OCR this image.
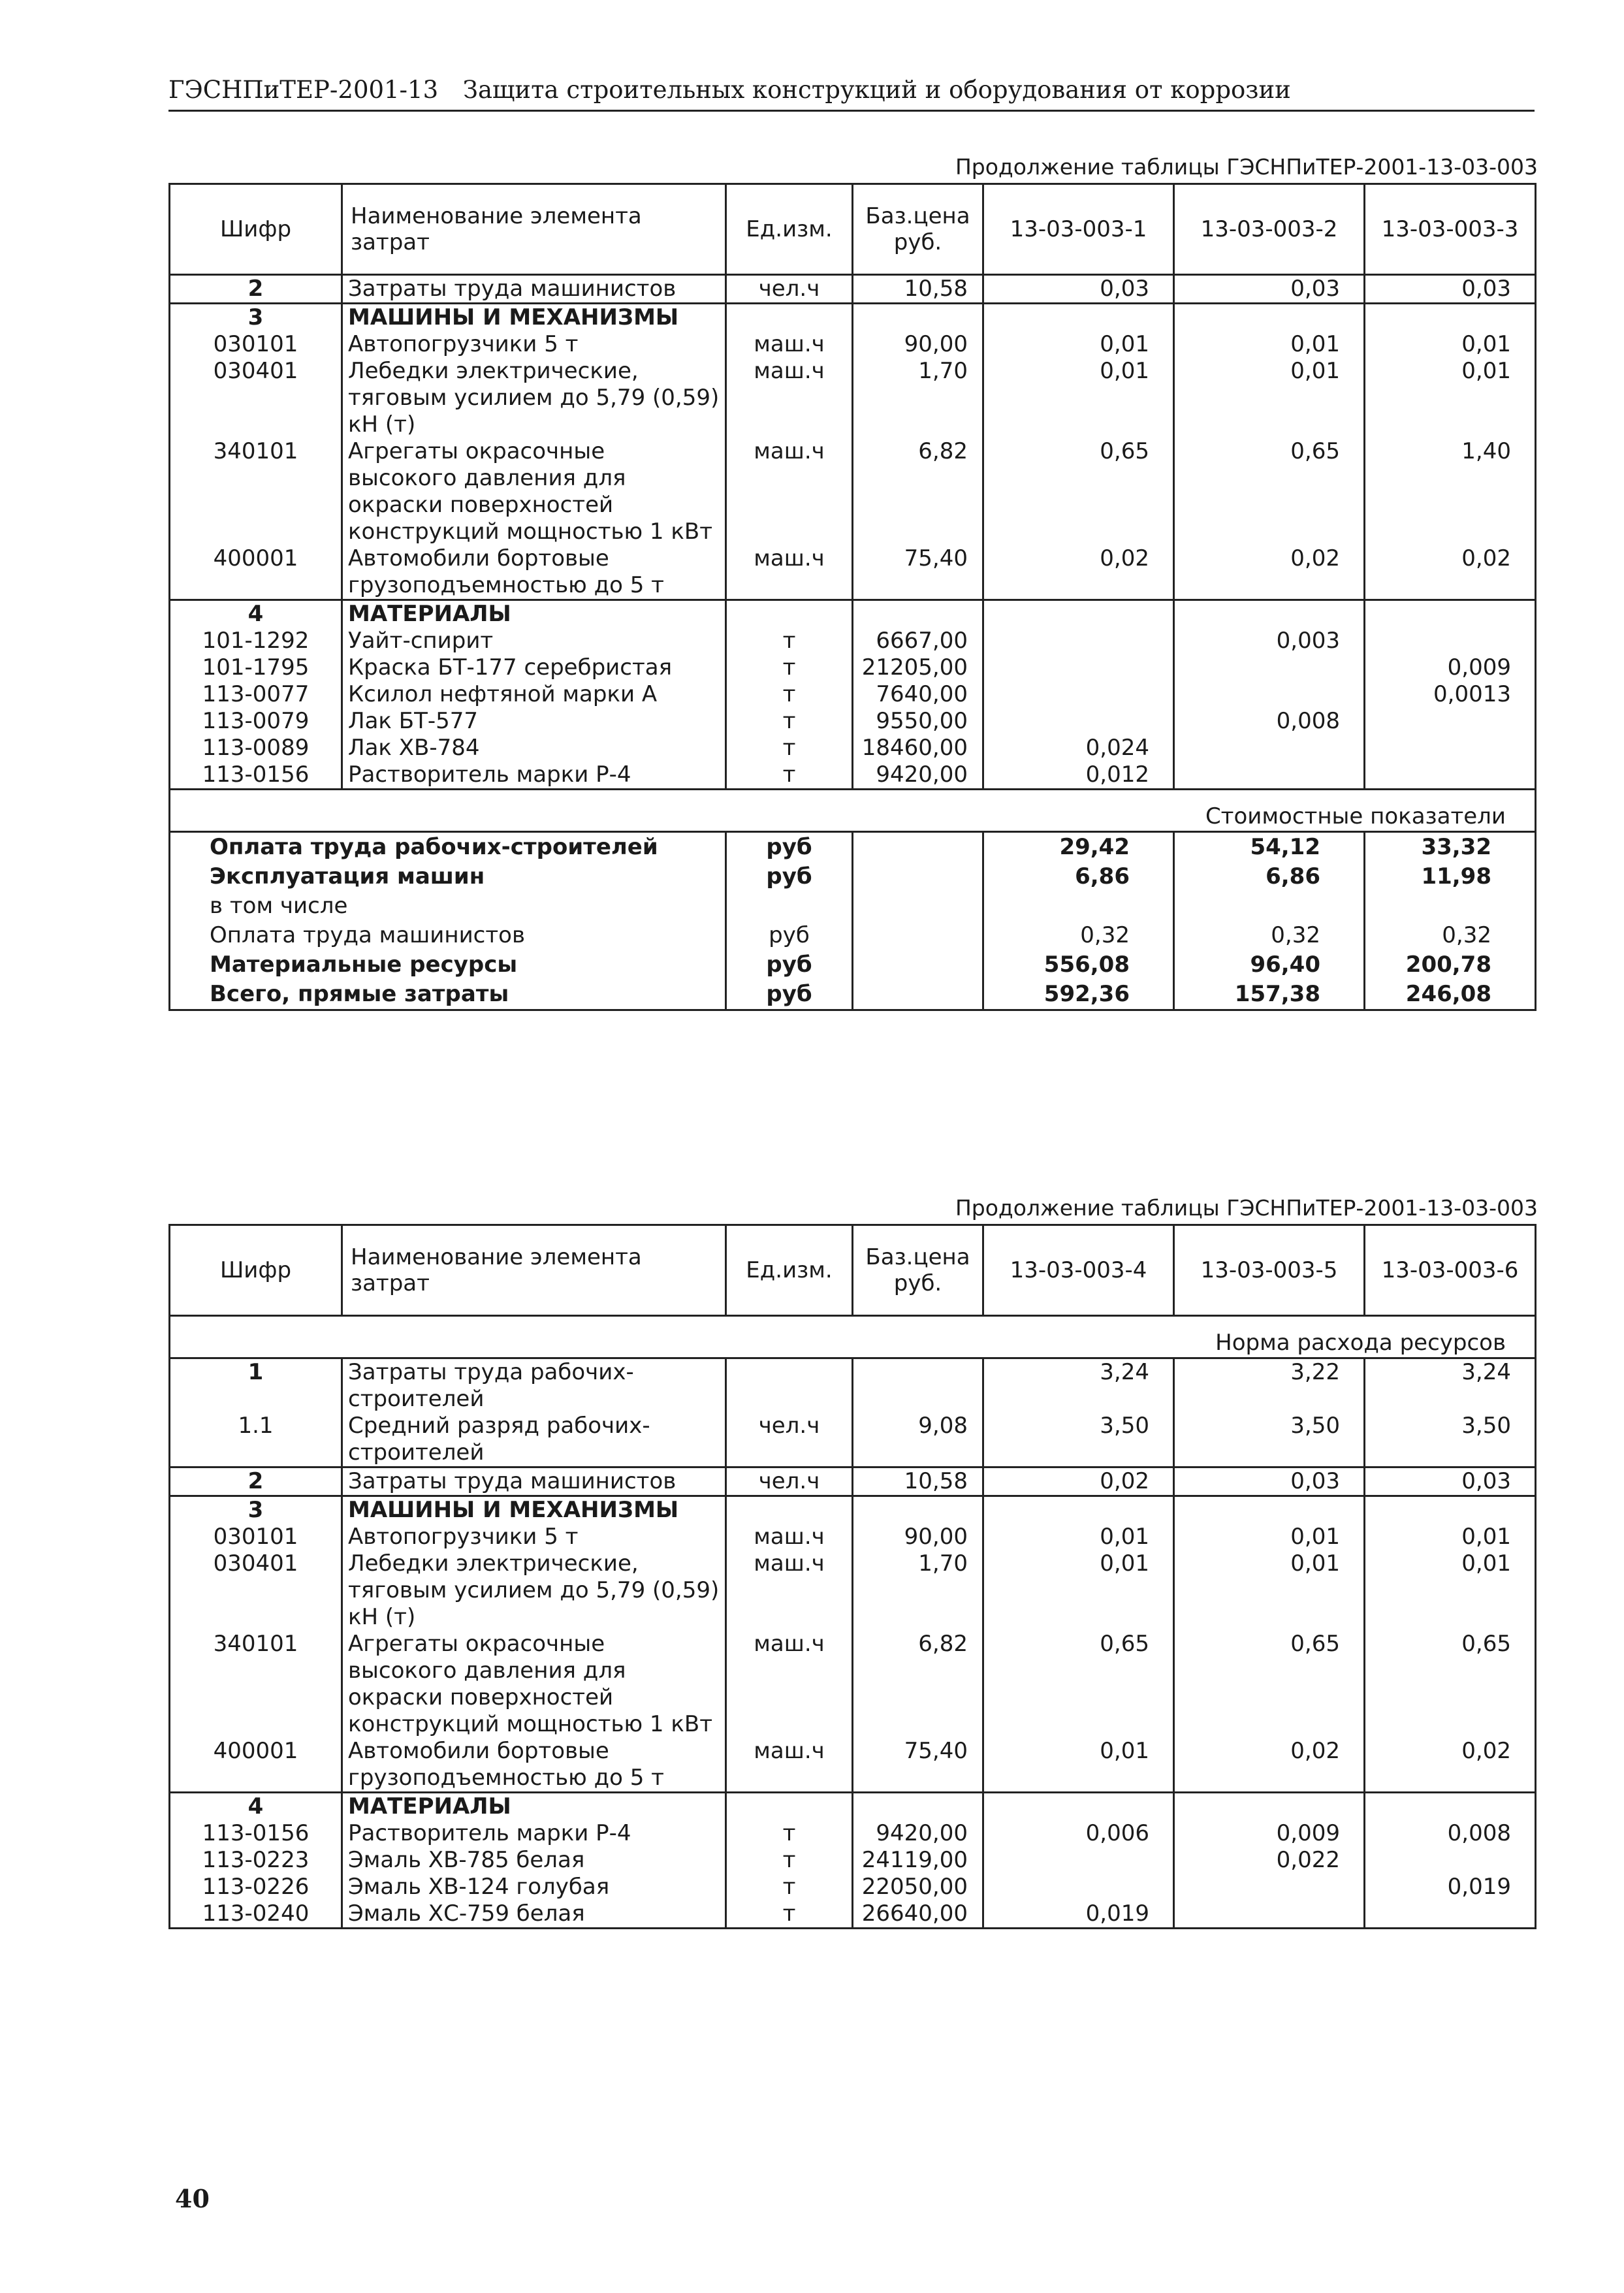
ГЭСНПиТЕР-2001-13 Защита строительных конструкций и оборудования от коррозии
Продолжение таблицы ГЭСНПиТЕР-2001-13-03-003
Шифр	Наименование элемента затрат	Ед.изм.	Баз.цена руб.	13-03-003-1	13-03-003-2	13-03-003-3
2	Затраты труда машинистов	чел.ч	10,58	0,03	0,03	0,03
3	МАШИНЫ И МЕХАНИЗМЫ					
030101	Автопогрузчики 5 т	маш.ч	90,00	0,01	0,01	0,01
030401	Лебедки электрические, тяговым усилием до 5,79 (0,59) кН (т)	маш.ч	1,70	0,01	0,01	0,01
340101	Агрегаты окрасочные высокого давления для окраски поверхностей конструкций мощностью 1 кВт	маш.ч	6,82	0,65	0,65	1,40
400001	Автомобили бортовые грузоподъемностью до 5 т	маш.ч	75,40	0,02	0,02	0,02
4	МАТЕРИАЛЫ					
101-1292	Уайт-спирит	т	6667,00		0,003	
101-1795	Краска БТ-177 серебристая	т	21205,00			0,009
113-0077	Ксилол нефтяной марки А	т	7640,00			0,0013
113-0079	Лак БТ-577	т	9550,00		0,008	
113-0089	Лак ХВ-784	т	18460,00	0,024		
113-0156	Растворитель марки Р-4	т	9420,00	0,012		
Стоимостные показатели						
Оплата труда рабочих-строителей		руб		29,42	54,12	33,32
Эксплуатация машин		руб		6,86	6,86	11,98
в том числе						
Оплата труда машинистов		руб		0,32	0,32	0,32
Материальные ресурсы		руб		556,08	96,40	200,78
Всего, прямые затраты		руб		592,36	157,38	246,08
Продолжение таблицы ГЭСНПиТЕР-2001-13-03-003
Шифр	Наименование элемента затрат	Ед.изм.	Баз.цена руб.	13-03-003-4	13-03-003-5	13-03-003-6
Норма расхода ресурсов						
1	Затраты труда рабочих-строителей			3,24	3,22	3,24
1.1	Средний разряд рабочих-строителей	чел.ч	9,08	3,50	3,50	3,50
2	Затраты труда машинистов	чел.ч	10,58	0,02	0,03	0,03
3	МАШИНЫ И МЕХАНИЗМЫ					
030101	Автопогрузчики 5 т	маш.ч	90,00	0,01	0,01	0,01
030401	Лебедки электрические, тяговым усилием до 5,79 (0,59) кН (т)	маш.ч	1,70	0,01	0,01	0,01
340101	Агрегаты окрасочные высокого давления для окраски поверхностей конструкций мощностью 1 кВт	маш.ч	6,82	0,65	0,65	0,65
400001	Автомобили бортовые грузоподъемностью до 5 т	маш.ч	75,40	0,01	0,02	0,02
4	МАТЕРИАЛЫ					
113-0156	Растворитель марки Р-4	т	9420,00	0,006	0,009	0,008
113-0223	Эмаль ХВ-785 белая	т	24119,00		0,022	
113-0226	Эмаль ХВ-124 голубая	т	22050,00			0,019
113-0240	Эмаль ХС-759 белая	т	26640,00	0,019		
40
